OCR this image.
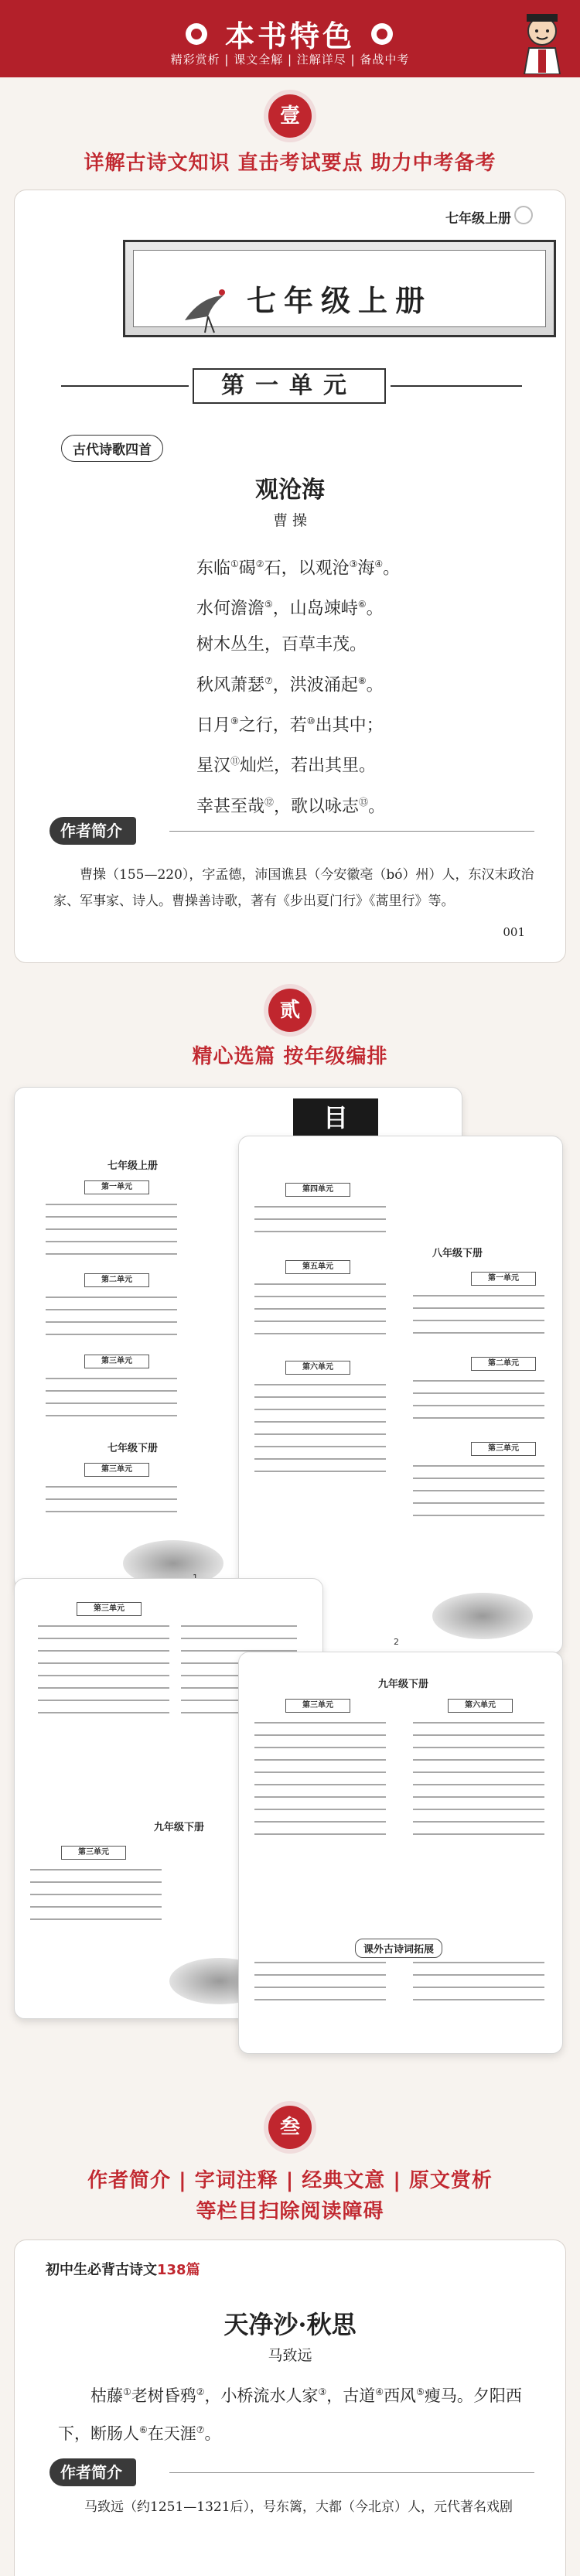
本书特色
精彩赏析 | 课文全解 | 注解详尽 | 备战中考
壹
详解古诗文知识 直击考试要点 助力中考备考
七年级上册
七年级上册
第一单元
古代诗歌四首
观沧海
曹 操
东临①碣②石，以观沧③海④。
水何澹澹⑤，山岛竦峙⑥。
树木丛生，百草丰茂。
秋风萧瑟⑦，洪波涌起⑧。
日月⑨之行，若⑩出其中；
星汉⑪灿烂，若出其里。
幸甚至哉⑫，歌以咏志⑬。
作者简介
曹操（155—220），字孟德，沛国谯县（今安徽亳（bó）州）人，东汉末政治家、军事家、诗人。曹操善诗歌，著有《步出夏门行》《蒿里行》等。
001
贰
精心选篇 按年级编排
目
七年级上册
第一单元
第二单元
第三单元
七年级下册
第三单元
第四单元
第五单元
第六单元
八年级下册
第一单元
第二单元
第三单元
2
第三单元
九年级下册
第三单元
九年级下册
第三单元	第六单元
课外古诗词拓展
叁
作者简介 | 字词注释 | 经典文意 | 原文赏析
等栏目扫除阅读障碍
初中生必背古诗文138篇
天净沙·秋思
马致远
枯藤①老树昏鸦②，小桥流水人家③，古道④西风⑤瘦马。夕阳西下，断肠人⑥在天涯⑦。
作者简介
马致远（约1251—1321后），号东篱，大都（今北京）人，元代著名戏剧
